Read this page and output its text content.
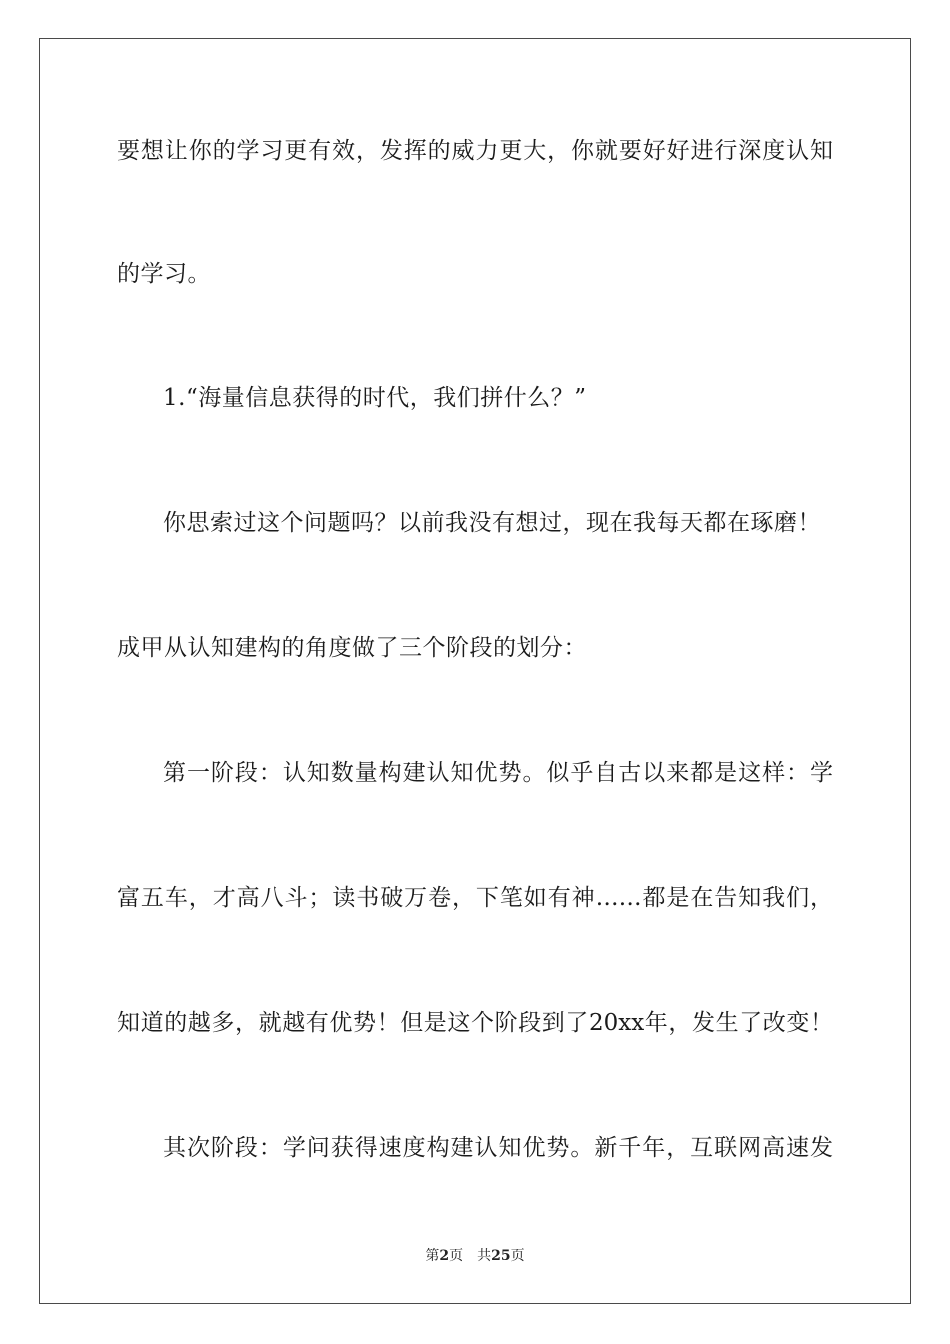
要想让你的学习更有效，发挥的威力更大，你就要好好进行深度认知
的学习。
1.“海量信息获得的时代，我们拼什么？”
你思索过这个问题吗？以前我没有想过，现在我每天都在琢磨！
成甲从认知建构的角度做了三个阶段的划分：
第一阶段：认知数量构建认知优势。似乎自古以来都是这样：学
富五车，才高八斗；读书破万卷，下笔如有神……都是在告知我们，
知道的越多，就越有优势！但是这个阶段到了20xx年，发生了改变！
其次阶段：学问获得速度构建认知优势。新千年，互联网高速发
第2页 共25页
